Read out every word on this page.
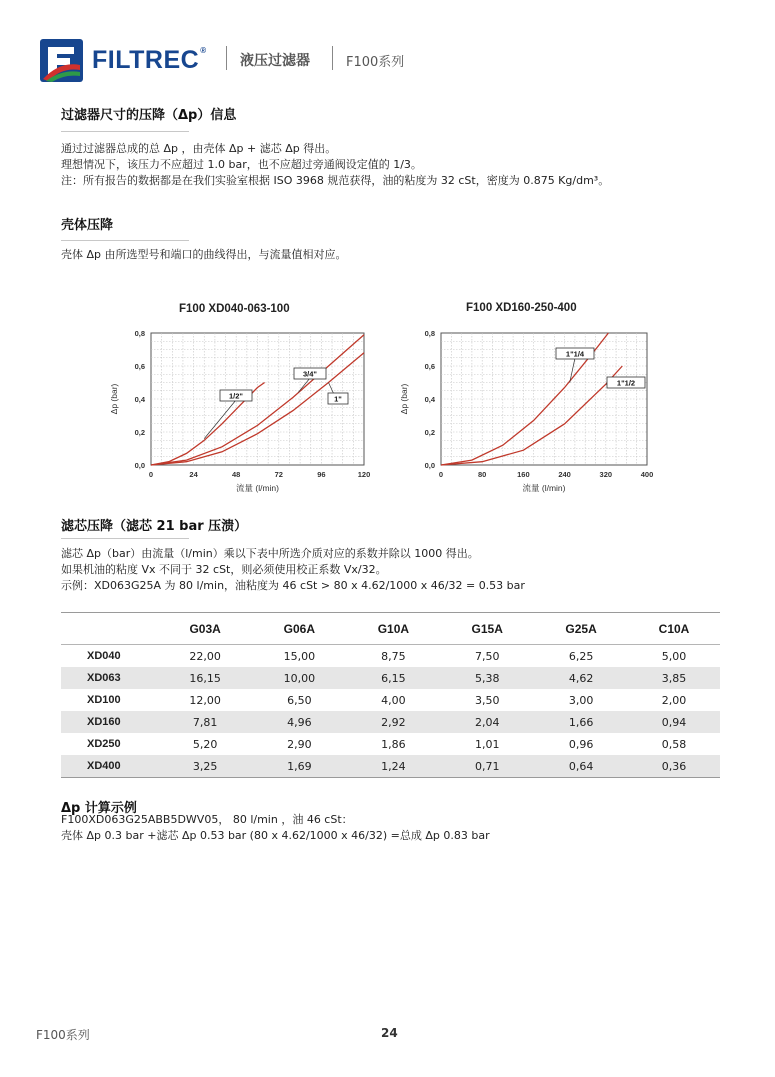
FILTREC®
液压过滤器	F100系列
过滤器尺寸的压降（Δp）信息
通过过滤器总成的总 Δp ，由壳体 Δp + 滤芯 Δp 得出。
理想情况下，该压力不应超过 1.0 bar，也不应超过旁通阀设定值的 1/3。
注：所有报告的数据都是在我们实验室根据 ISO 3968 规范获得，油的粘度为 32 cSt，密度为 0.875 Kg/dm³。
壳体压降
壳体 Δp 由所选型号和端口的曲线得出，与流量值相对应。
F100 XD040-063-100	F100 XD160-250-400
0,0
0,2
0,4
0,6
0,8
0	24	48	72	96	120
流量 (l/min)
Δp (bar)	1/2"
3/4"
1"
0,0
0,2
0,4
0,6
0,8
0	80	160	240	320	400
流量 (l/min)
Δp (bar)
1"1/4
1"1/2
滤芯压降（滤芯 21 bar 压溃）
滤芯 Δp（bar）由流量（l/min）乘以下表中所选介质对应的系数并除以 1000 得出。
如果机油的粘度 Vx 不同于 32 cSt，则必须使用校正系数 Vx/32。
示例：XD063G25A 为 80 l/min，油粘度为 46 cSt > 80 x 4.62/1000 x 46/32 = 0.53 bar
	G03A	G06A	G10A	G15A	G25A	C10A
XD040	22,00	15,00	8,75	7,50	6,25	5,00
XD063	16,15	10,00	6,15	5,38	4,62	3,85
XD100	12,00	6,50	4,00	3,50	3,00	2,00
XD160	7,81	4,96	2,92	2,04	1,66	0,94
XD250	5,20	2,90	1,86	1,01	0,96	0,58
XD400	3,25	1,69	1,24	0,71	0,64	0,36
Δp 计算示例
F100XD063G25ABB5DWV05， 80 l/min ，油 46 cSt：
壳体 Δp 0.3 bar +滤芯 Δp 0.53 bar (80 x 4.62/1000 x 46/32) =总成 Δp 0.83 bar
F100系列	24
